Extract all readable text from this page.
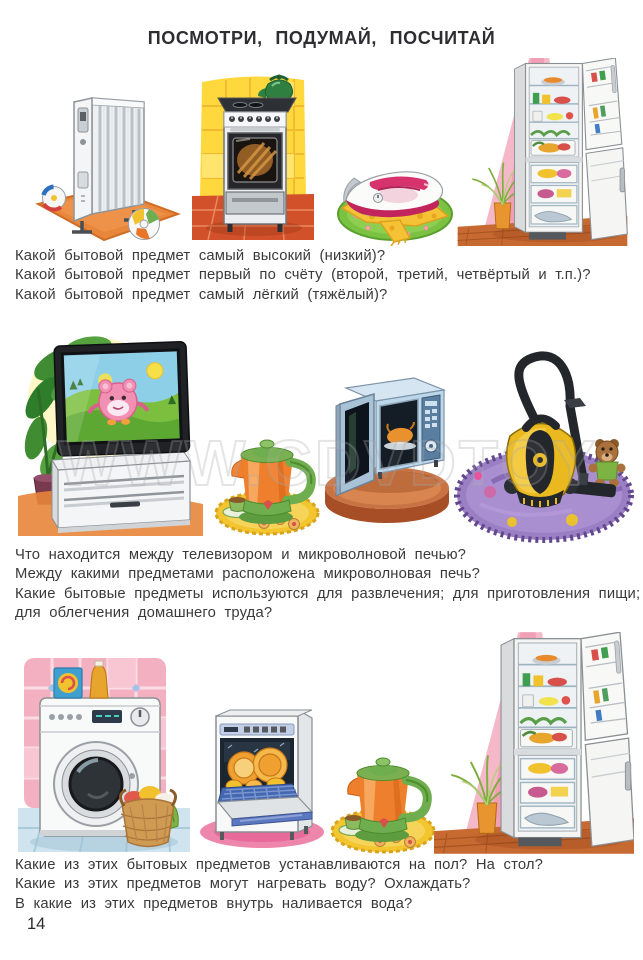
ПОСМОТРИ, ПОДУМАЙ, ПОСЧИТАЙ
Какой бытовой предмет самый высокий (низкий)?
Какой бытовой предмет первый по счёту (второй, третий, четвёртый и т.п.)?
Какой бытовой предмет самый лёгкий (тяжёлый)?
Что находится между телевизором и микроволновой печью?
Между какими предметами расположена микроволновая печь?
Какие бытовые предметы используются для развлечения; для приготовления пищи;
для облегчения домашнего труда?
Какие из этих бытовых предметов устанавливаются на пол? На стол?
Какие из этих предметов могут нагревать воду? Охлаждать?
В какие из этих предметов внутрь наливается вода?
WWW.CDVDTOY
14
